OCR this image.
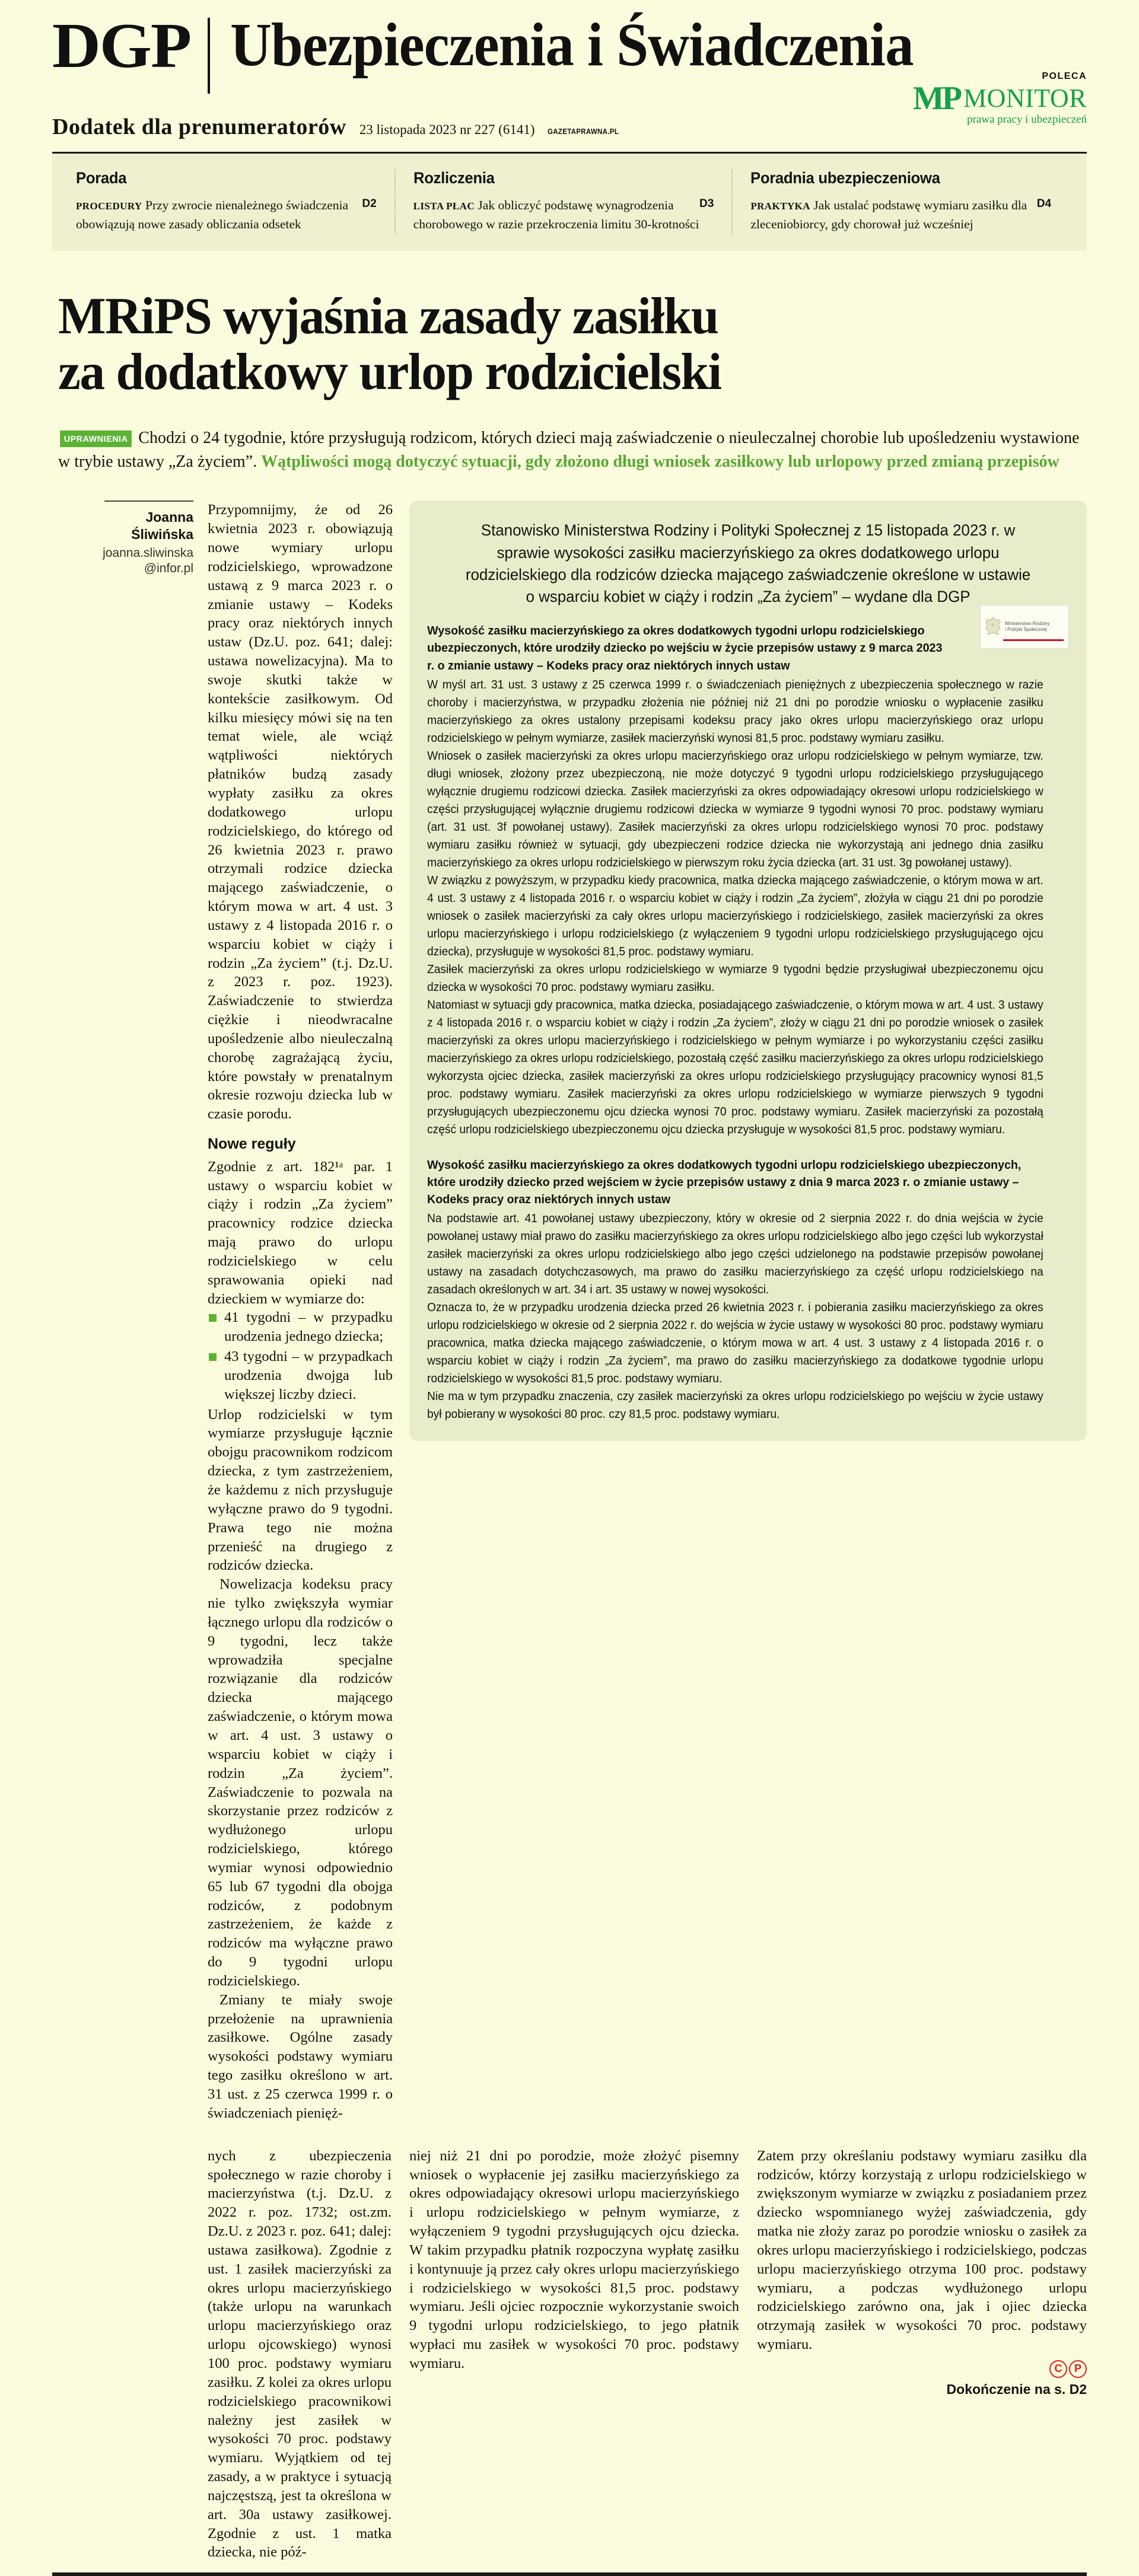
DGP Ubezpieczenia i Świadczenia	POLECA
MP MONITOR
prawa pracy i ubezpieczeń
Dodatek dla prenumeratorów 23 listopada 2023 nr 227 (6141) GAZETAPRAWNA.PL
Porada
D2
PROCEDURY Przy zwrocie nienależnego świadczenia obowiązują nowe zasady obliczania odsetek
Rozliczenia
D3
LISTA PŁAC Jak obliczyć podstawę wynagrodzenia chorobowego w razie przekroczenia limitu 30-krotności
Poradnia ubezpieczeniowa
D4
PRAKTYKA Jak ustalać podstawę wymiaru zasiłku dla zleceniobiorcy, gdy chorował już wcześniej
MRiPS wyjaśnia zasady zasiłku
za dodatkowy urlop rodzicielski
UPRAWNIENIA Chodzi o 24 tygodnie, które przysługują rodzicom, których dzieci mają zaświadczenie o nieuleczalnej chorobie lub upośledzeniu wystawione w trybie ustawy „Za życiem”. Wątpliwości mogą dotyczyć sytuacji, gdy złożono długi wniosek zasiłkowy lub urlopowy przed zmianą przepisów
Joanna
Śliwińska
joanna.sliwinska
@infor.pl

Przypomnijmy, że od 26 kwietnia 2023 r. obowiązują nowe wymiary urlopu rodzicielskiego, wprowadzone ustawą z 9 marca 2023 r. o zmianie ustawy – Kodeks pracy oraz niektórych innych ustaw (Dz.U. poz. 641; dalej: ustawa nowelizacyjna). Ma to swoje skutki także w kontekście zasiłkowym. Od kilku miesięcy mówi się na ten temat wiele, ale wciąż wątpliwości niektórych płatników budzą zasady wypłaty zasiłku za okres dodatkowego urlopu rodzicielskiego, do którego od 26 kwietnia 2023 r. prawo otrzymali rodzice dziecka mającego zaświadczenie, o którym mowa w art. 4 ust. 3 ustawy z 4 listopada 2016 r. o wsparciu kobiet w ciąży i rodzin „Za życiem” (t.j. Dz.U. z 2023 r. poz. 1923). Zaświadczenie to stwierdza ciężkie i nieodwracalne upośledzenie albo nieuleczalną chorobę zagrażającą życiu, które powstały w prenatalnym okresie rozwoju dziecka lub w czasie porodu.

Nowe reguły

Zgodnie z art. 182¹ᵃ par. 1 ustawy o wsparciu kobiet w ciąży i rodzin „Za życiem” pracownicy rodzice dziecka mają prawo do urlopu rodzicielskiego w celu sprawowania opieki nad dzieckiem w wymiarze do:

41 tygodni – w przypadku urodzenia jednego dziecka;
43 tygodni – w przypadkach urodzenia dwojga lub większej liczby dzieci.

Urlop rodzicielski w tym wymiarze przysługuje łącznie obojgu pracownikom rodzicom dziecka, z tym zastrzeżeniem, że każdemu z nich przysługuje wyłączne prawo do 9 tygodni. Prawa tego nie można przenieść na drugiego z rodziców dziecka.

Nowelizacja kodeksu pracy nie tylko zwiększyła wymiar łącznego urlopu dla rodziców o 9 tygodni, lecz także wprowadziła specjalne rozwiązanie dla rodziców dziecka mającego zaświadczenie, o którym mowa w art. 4 ust. 3 ustawy o wsparciu kobiet w ciąży i rodzin „Za życiem”. Zaświadczenie to pozwala na skorzystanie przez rodziców z wydłużonego urlopu rodzicielskiego, którego wymiar wynosi odpowiednio 65 lub 67 tygodni dla obojga rodziców, z podobnym zastrzeżeniem, że każde z rodziców ma wyłączne prawo do 9 tygodni urlopu rodzicielskiego.

Zmiany te miały swoje przełożenie na uprawnienia zasiłkowe. Ogólne zasady wysokości podstawy wymiaru tego zasiłku określono w art. 31 ust. z 25 czerwca 1999 r. o świadczeniach pienięż-

Stanowisko Ministerstwa Rodziny i Polityki Społecznej z 15 listopada 2023 r. w sprawie wysokości zasiłku macierzyńskiego za okres dodatkowego urlopu rodzicielskiego dla rodziców dziecka mającego zaświadczenie określone w ustawie o wsparciu kobiet w ciąży i rodzin „Za życiem” – wydane dla DGP
Ministerstwo Rodziny
i Polityki Społecznej
Wysokość zasiłku macierzyńskiego za okres dodatkowych tygodni urlopu rodzicielskiego ubezpieczonych, które urodziły dziecko po wejściu w życie przepisów ustawy z 9 marca 2023 r. o zmianie ustawy – Kodeks pracy oraz niektórych innych ustaw

W myśl art. 31 ust. 3 ustawy z 25 czerwca 1999 r. o świadczeniach pieniężnych z ubezpieczenia społecznego w razie choroby i macierzyństwa, w przypadku złożenia nie później niż 21 dni po porodzie wniosku o wypłacenie zasiłku macierzyńskiego za okres ustalony przepisami kodeksu pracy jako okres urlopu macierzyńskiego oraz urlopu rodzicielskiego w pełnym wymiarze, zasiłek macierzyński wynosi 81,5 proc. podstawy wymiaru zasiłku.

Wniosek o zasiłek macierzyński za okres urlopu macierzyńskiego oraz urlopu rodzicielskiego w pełnym wymiarze, tzw. długi wniosek, złożony przez ubezpieczoną, nie może dotyczyć 9 tygodni urlopu rodzicielskiego przysługującego wyłącznie drugiemu rodzicowi dziecka. Zasiłek macierzyński za okres odpowiadający okresowi urlopu rodzicielskiego w części przysługującej wyłącznie drugiemu rodzicowi dziecka w wymiarze 9 tygodni wynosi 70 proc. podstawy wymiaru (art. 31 ust. 3f powołanej ustawy). Zasiłek macierzyński za okres urlopu rodzicielskiego wynosi 70 proc. podstawy wymiaru zasiłku również w sytuacji, gdy ubezpieczeni rodzice dziecka nie wykorzystają ani jednego dnia zasiłku macierzyńskiego za okres urlopu rodzicielskiego w pierwszym roku życia dziecka (art. 31 ust. 3g powołanej ustawy).

W związku z powyższym, w przypadku kiedy pracownica, matka dziecka mającego zaświadczenie, o którym mowa w art. 4 ust. 3 ustawy z 4 listopada 2016 r. o wsparciu kobiet w ciąży i rodzin „Za życiem”, złożyła w ciągu 21 dni po porodzie wniosek o zasiłek macierzyński za cały okres urlopu macierzyńskiego i rodzicielskiego, zasiłek macierzyński za okres urlopu macierzyńskiego i urlopu rodzicielskiego (z wyłączeniem 9 tygodni urlopu rodzicielskiego przysługującego ojcu dziecka), przysługuje w wysokości 81,5 proc. podstawy wymiaru.

Zasiłek macierzyński za okres urlopu rodzicielskiego w wymiarze 9 tygodni będzie przysługiwał ubezpieczonemu ojcu dziecka w wysokości 70 proc. podstawy wymiaru zasiłku.

Natomiast w sytuacji gdy pracownica, matka dziecka, posiadającego zaświadczenie, o którym mowa w art. 4 ust. 3 ustawy z 4 listopada 2016 r. o wsparciu kobiet w ciąży i rodzin „Za życiem”, złoży w ciągu 21 dni po porodzie wniosek o zasiłek macierzyński za okres urlopu macierzyńskiego i rodzicielskiego w pełnym wymiarze i po wykorzystaniu części zasiłku macierzyńskiego za okres urlopu rodzicielskiego, pozostałą część zasiłku macierzyńskiego za okres urlopu rodzicielskiego wykorzysta ojciec dziecka, zasiłek macierzyński za okres urlopu rodzicielskiego przysługujący pracownicy wynosi 81,5 proc. podstawy wymiaru. Zasiłek macierzyński za okres urlopu rodzicielskiego w wymiarze pierwszych 9 tygodni przysługujących ubezpieczonemu ojcu dziecka wynosi 70 proc. podstawy wymiaru. Zasiłek macierzyński za pozostałą część urlopu rodzicielskiego ubezpieczonemu ojcu dziecka przysługuje w wysokości 81,5 proc. podstawy wymiaru.

Wysokość zasiłku macierzyńskiego za okres dodatkowych tygodni urlopu rodzicielskiego ubezpieczonych, które urodziły dziecko przed wejściem w życie przepisów ustawy z dnia 9 marca 2023 r. o zmianie ustawy – Kodeks pracy oraz niektórych innych ustaw

Na podstawie art. 41 powołanej ustawy ubezpieczony, który w okresie od 2 sierpnia 2022 r. do dnia wejścia w życie powołanej ustawy miał prawo do zasiłku macierzyńskiego za okres urlopu rodzicielskiego albo jego części lub wykorzystał zasiłek macierzyński za okres urlopu rodzicielskiego albo jego części udzielonego na podstawie przepisów powołanej ustawy na zasadach dotychczasowych, ma prawo do zasiłku macierzyńskiego za część urlopu rodzicielskiego na zasadach określonych w art. 34 i art. 35 ustawy w nowej wysokości.

Oznacza to, że w przypadku urodzenia dziecka przed 26 kwietnia 2023 r. i pobierania zasiłku macierzyńskiego za okres urlopu rodzicielskiego w okresie od 2 sierpnia 2022 r. do wejścia w życie ustawy w wysokości 80 proc. podstawy wymiaru pracownica, matka dziecka mającego zaświadczenie, o którym mowa w art. 4 ust. 3 ustawy z 4 listopada 2016 r. o wsparciu kobiet w ciąży i rodzin „Za życiem”, ma prawo do zasiłku macierzyńskiego za dodatkowe tygodnie urlopu rodzicielskiego w wysokości 81,5 proc. podstawy wymiaru.

Nie ma w tym przypadku znaczenia, czy zasiłek macierzyński za okres urlopu rodzicielskiego po wejściu w życie ustawy był pobierany w wysokości 80 proc. czy 81,5 proc. podstawy wymiaru.

nych z ubezpieczenia społecznego w razie choroby i macierzyństwa (t.j. Dz.U. z 2022 r. poz. 1732; ost.zm. Dz.U. z 2023 r. poz. 641; dalej: ustawa zasiłkowa). Zgodnie z ust. 1 zasiłek macierzyński za okres urlopu macierzyńskiego (także urlopu na warunkach urlopu macierzyńskiego oraz urlopu ojcowskiego) wynosi 100 proc. podstawy wymiaru zasiłku. Z kolei za okres urlopu rodzicielskiego pracownikowi należny jest zasiłek w wysokości 70 proc. podstawy wymiaru. Wyjątkiem od tej zasady, a w praktyce i sytuacją najczęstszą, jest ta określona w art. 30a ustawy zasiłkowej. Zgodnie z ust. 1 matka dziecka, nie póź-
niej niż 21 dni po porodzie, może złożyć pisemny wniosek o wypłacenie jej zasiłku macierzyńskiego za okres odpowiadający okresowi urlopu macierzyńskiego i urlopu rodzicielskiego w pełnym wymiarze, z wyłączeniem 9 tygodni przysługujących ojcu dziecka. W takim przypadku płatnik rozpoczyna wypłatę zasiłku i kontynuuje ją przez cały okres urlopu macierzyńskiego i rodzicielskiego w wysokości 81,5 proc. podstawy wymiaru. Jeśli ojciec rozpocznie wykorzystanie swoich 9 tygodni urlopu rodzicielskiego, to jego płatnik wypłaci mu zasiłek w wysokości 70 proc. podstawy wymiaru.
Zatem przy określaniu podstawy wymiaru zasiłku dla rodziców, którzy korzystają z urlopu rodzicielskiego w zwiększonym wymiarze w związku z posiadaniem przez dziecko wspomnianego wyżej zaświadczenia, gdy matka nie złoży zaraz po porodzie wniosku o zasiłek za okres urlopu macierzyńskiego i rodzicielskiego, podczas urlopu macierzyńskiego otrzyma 100 proc. podstawy wymiaru, a podczas wydłużonego urlopu rodzicielskiego zarówno ona, jak i ojiec dziecka otrzymają zasiłek w wysokości 70 proc. podstawy wymiaru.
C P
Dokończenie na s. D2
